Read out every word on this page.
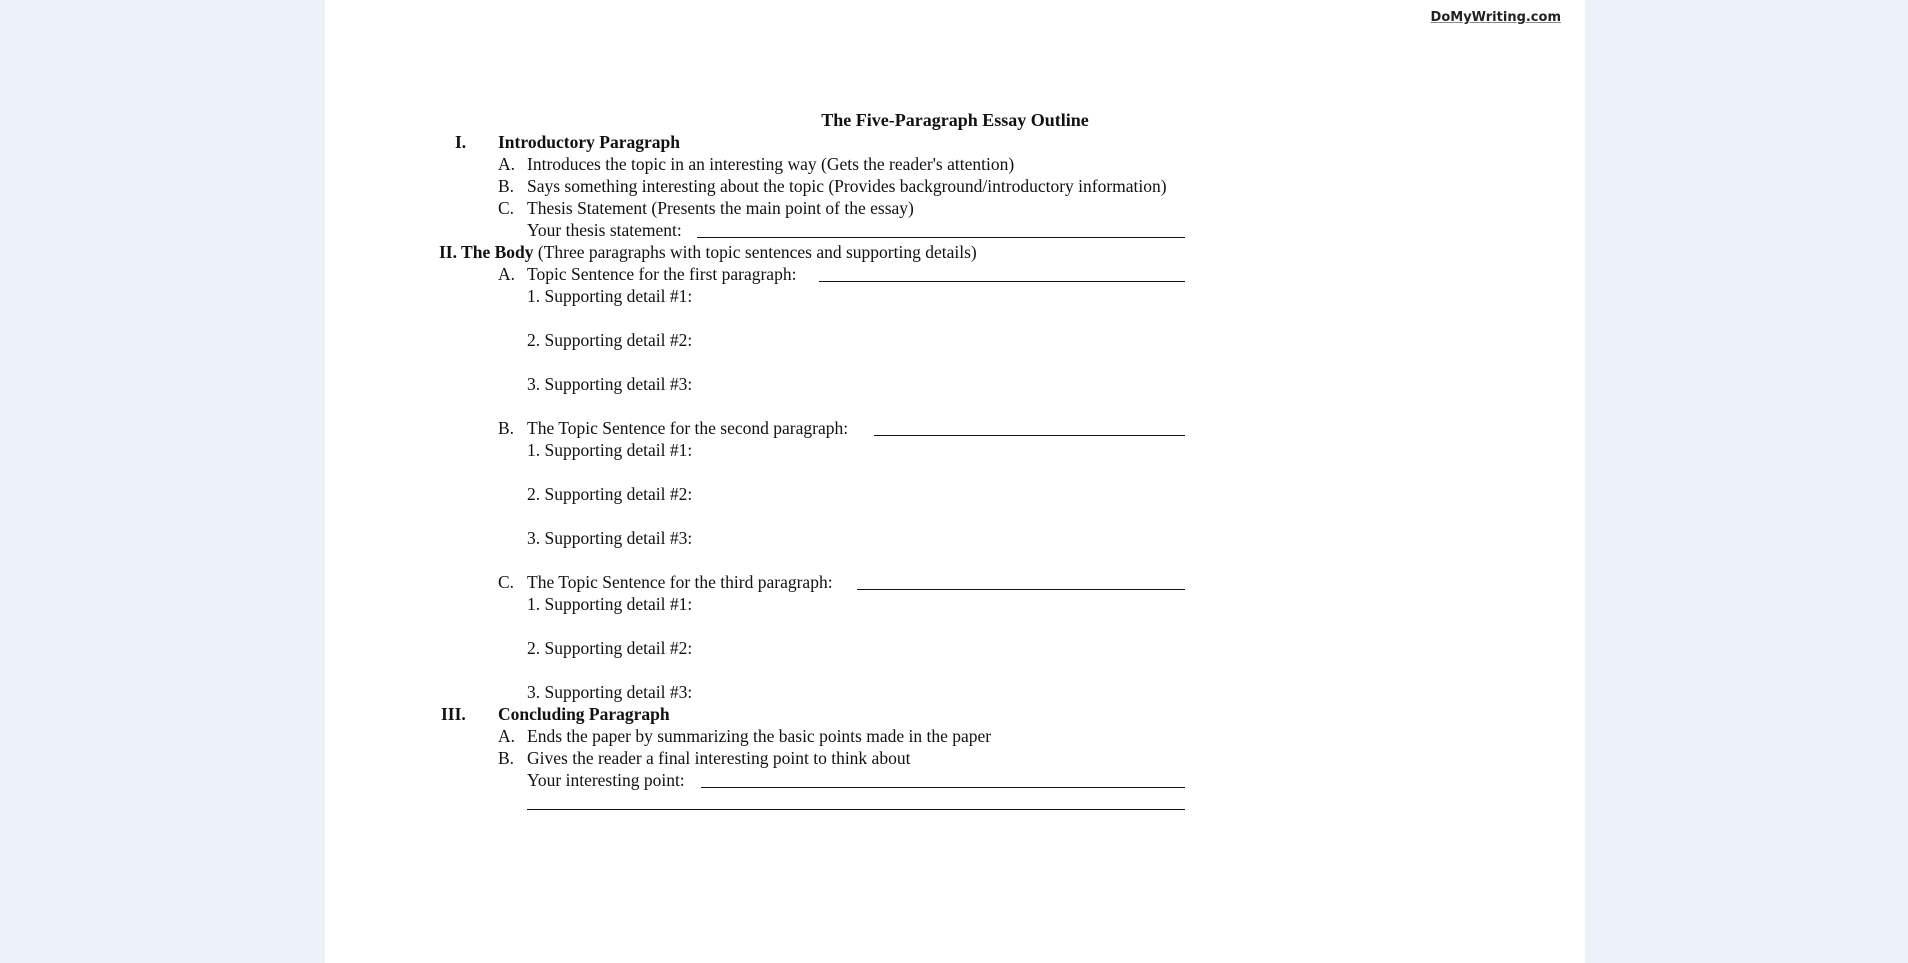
DoMyWriting.com
The Five-Paragraph Essay Outline
I. Introductory Paragraph
A. Introduces the topic in an interesting way (Gets the reader's attention)
B. Says something interesting about the topic (Provides background/introductory information)
C. Thesis Statement (Presents the main point of the essay)
Your thesis statement:
II. The Body (Three paragraphs with topic sentences and supporting details)
A. Topic Sentence for the first paragraph:
1. Supporting detail #1:
2. Supporting detail #2:
3. Supporting detail #3:
B. The Topic Sentence for the second paragraph:
1. Supporting detail #1:
2. Supporting detail #2:
3. Supporting detail #3:
C. The Topic Sentence for the third paragraph:
1. Supporting detail #1:
2. Supporting detail #2:
3. Supporting detail #3:
III. Concluding Paragraph
A. Ends the paper by summarizing the basic points made in the paper
B. Gives the reader a final interesting point to think about
Your interesting point:
